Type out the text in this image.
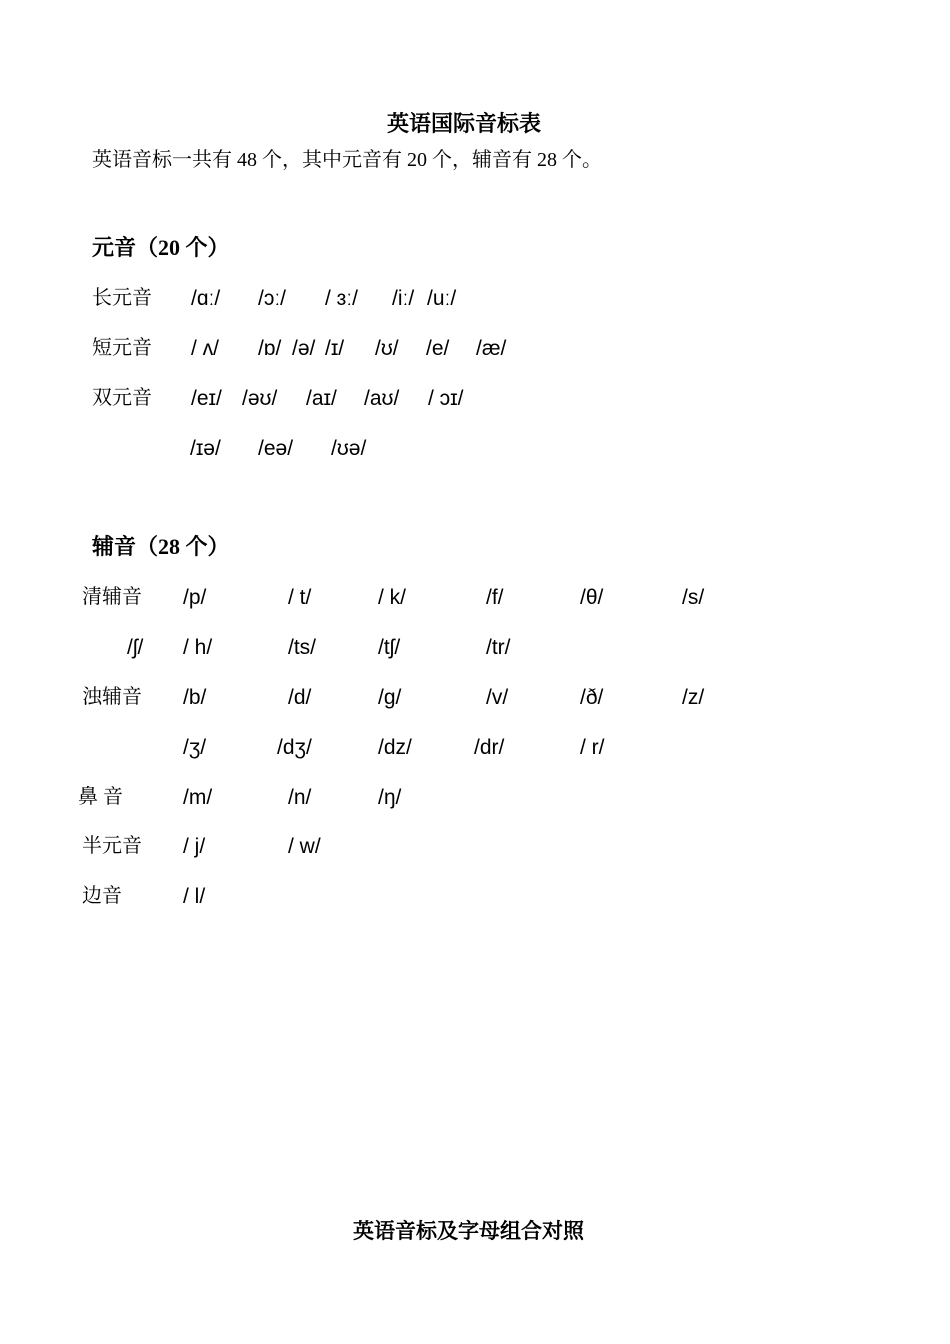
英语国际音标表
英语音标一共有 48 个，其中元音有 20 个，辅音有 28 个。
元音（20 个）
长元音 /ɑː/ /ɔː/ / ɜː/ /iː/ /uː/
短元音 / ʌ/ /ɒ/ /ə/ /ɪ/ /ʊ/ /e/ /æ/
双元音 /eɪ/ /əʊ/ /aɪ/ /aʊ/ / ɔɪ/
/ɪə/ /eə/ /ʊə/
辅音（28 个）
清辅音 /p/	/ t/	/ k/	/f/	/θ/	/s/
/ʃ/ / h/	/ts/	/tʃ/	/tr/
浊辅音 /b/	/d/	/g/	/v/	/ð/	/z/
/ʒ/	/dʒ/	/dz/	/dr/	/ r/
鼻 音	/m/	/n/	/ŋ/
半元音 / j/	/ w/
边音	/ l/
英语音标及字母组合对照
